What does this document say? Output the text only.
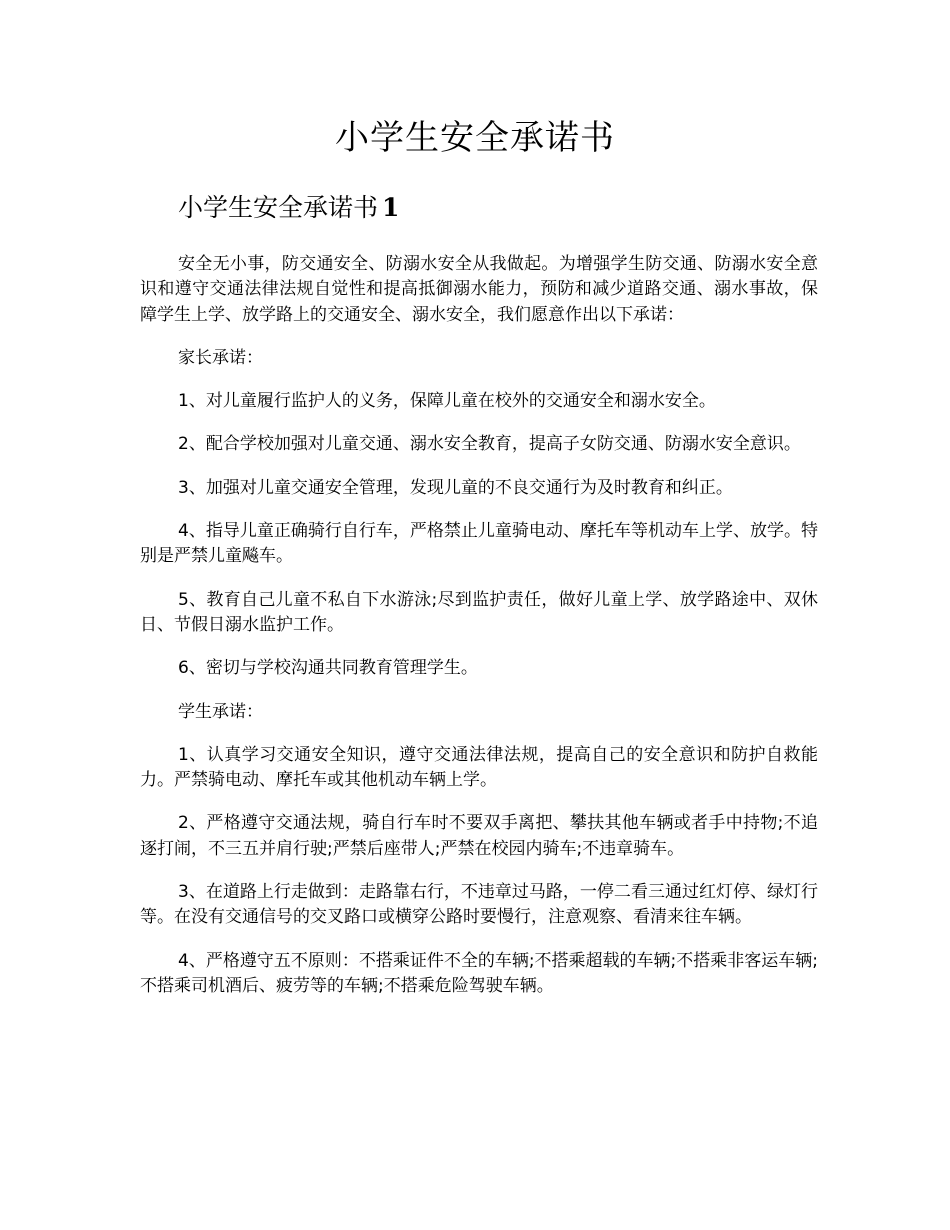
小学生安全承诺书
小学生安全承诺书 1

安全无小事，防交通安全、防溺水安全从我做起。为增强学生防交通、防溺水安全意识和遵守交通法律法规自觉性和提高抵御溺水能力，预防和减少道路交通、溺水事故，保障学生上学、放学路上的交通安全、溺水安全，我们愿意作出以下承诺：

家长承诺：

1、对儿童履行监护人的义务，保障儿童在校外的交通安全和溺水安全。

2、配合学校加强对儿童交通、溺水安全教育，提高子女防交通、防溺水安全意识。

3、加强对儿童交通安全管理，发现儿童的不良交通行为及时教育和纠正。

4、指导儿童正确骑行自行车，严格禁止儿童骑电动、摩托车等机动车上学、放学。特别是严禁儿童飚车。

5、教育自己儿童不私自下水游泳;尽到监护责任，做好儿童上学、放学路途中、双休日、节假日溺水监护工作。

6、密切与学校沟通共同教育管理学生。

学生承诺：

1、认真学习交通安全知识，遵守交通法律法规，提高自己的安全意识和防护自救能力。严禁骑电动、摩托车或其他机动车辆上学。

2、严格遵守交通法规，骑自行车时不要双手离把、攀扶其他车辆或者手中持物;不追逐打闹，不三五并肩行驶;严禁后座带人;严禁在校园内骑车;不违章骑车。

3、在道路上行走做到：走路靠右行，不违章过马路，一停二看三通过红灯停、绿灯行等。在没有交通信号的交叉路口或横穿公路时要慢行，注意观察、看清来往车辆。

4、严格遵守五不原则：不搭乘证件不全的车辆;不搭乘超载的车辆;不搭乘非客运车辆;不搭乘司机酒后、疲劳等的车辆;不搭乘危险驾驶车辆。
